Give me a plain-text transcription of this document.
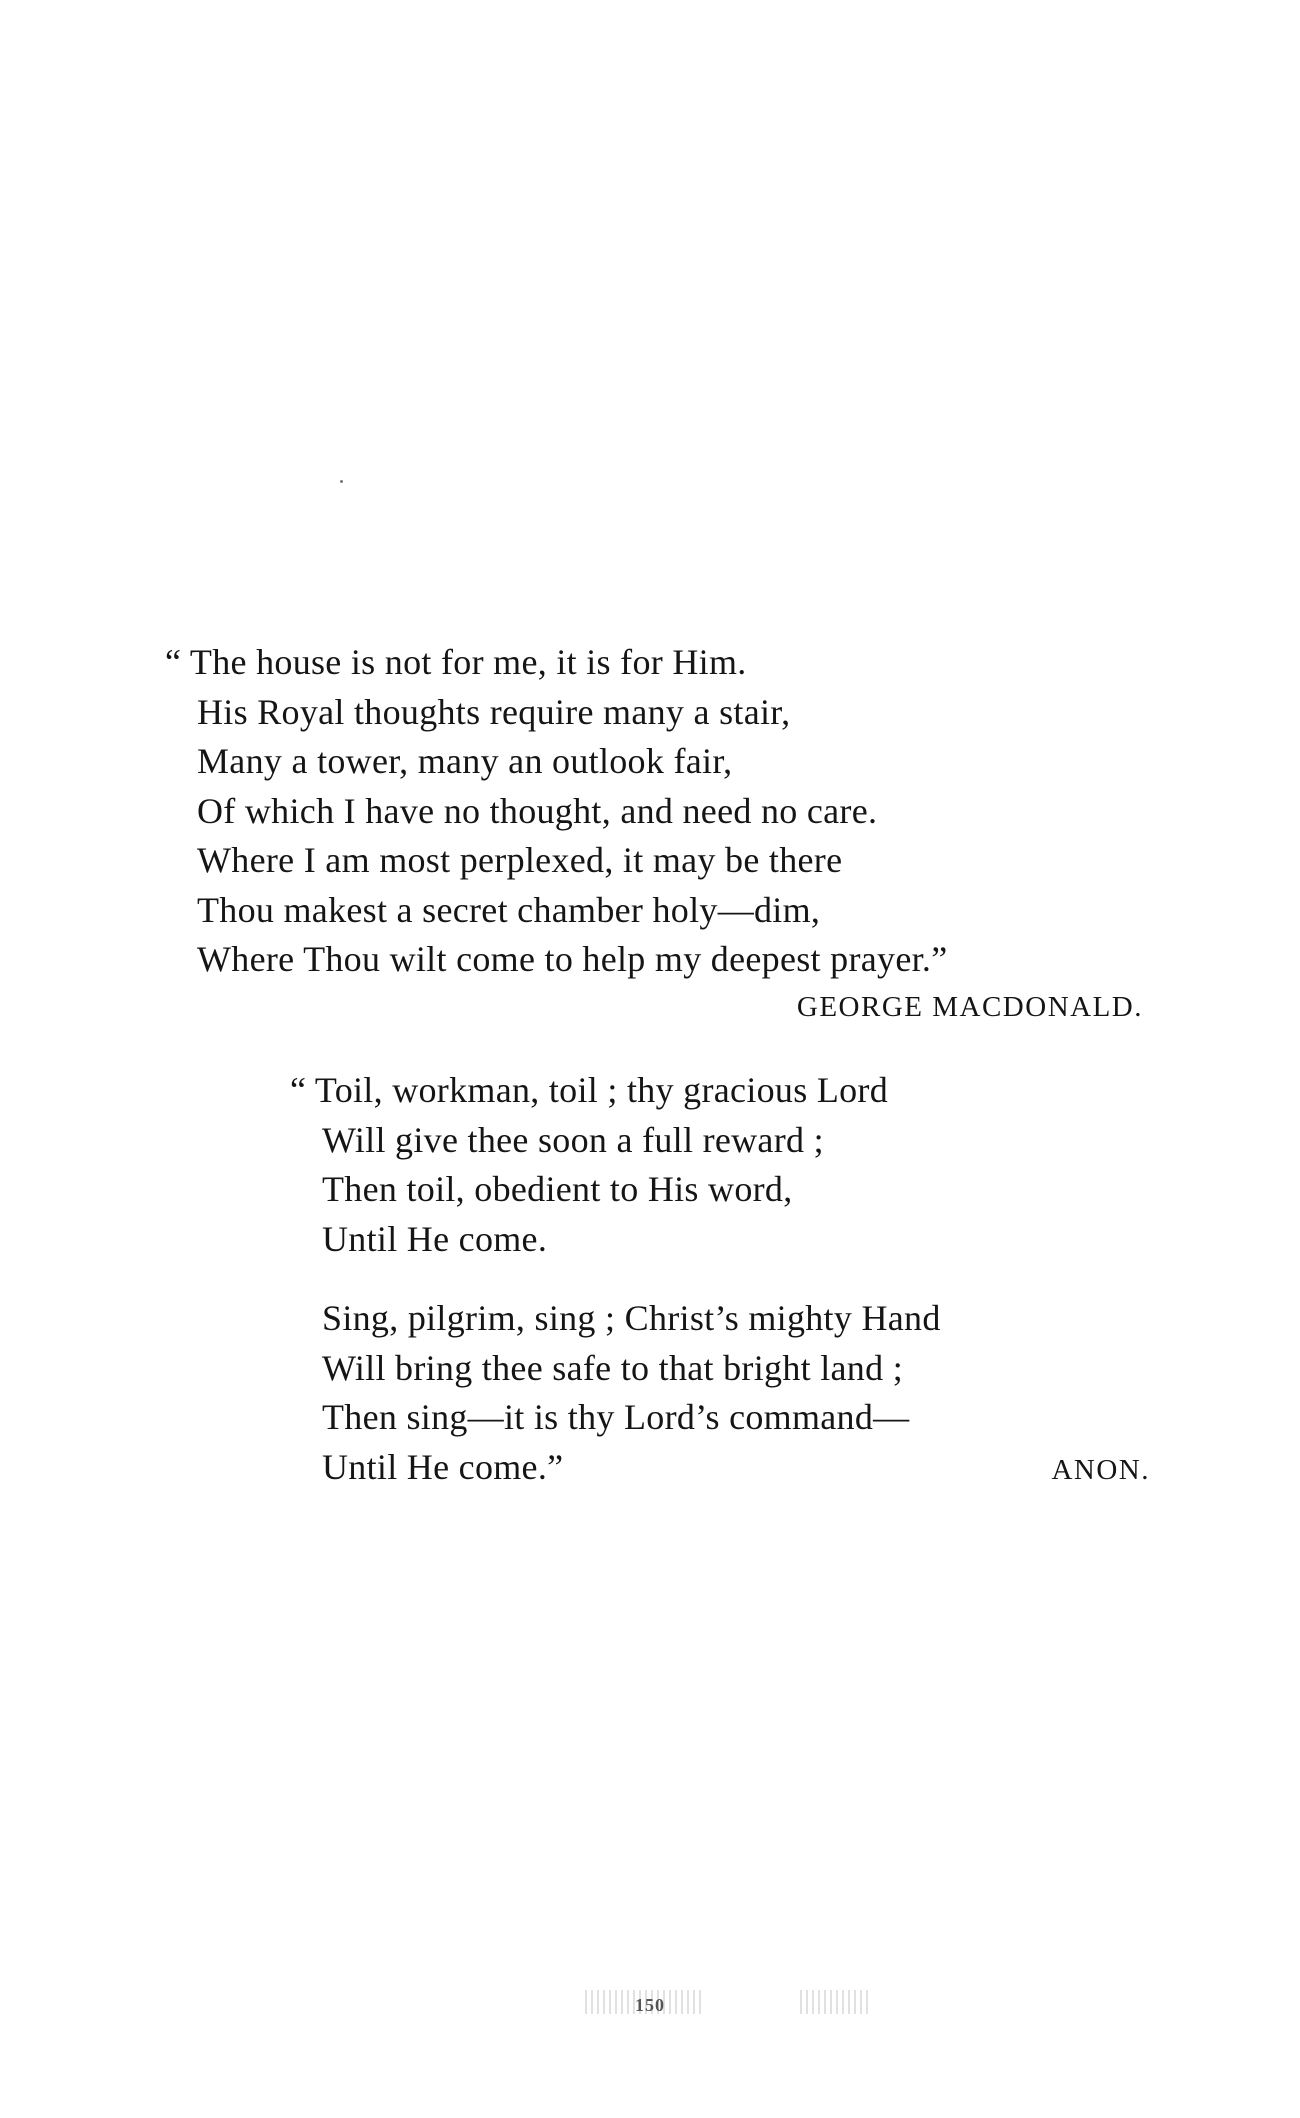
“ The house is not for me, it is for Him.
His Royal thoughts require many a stair,
Many a tower, many an outlook fair,
Of which I have no thought, and need no care.
Where I am most perplexed, it may be there
Thou makest a secret chamber holy—dim,
Where Thou wilt come to help my deepest prayer.”
GEORGE MACDONALD.
“ Toil, workman, toil ; thy gracious Lord
Will give thee soon a full reward ;
Then toil, obedient to His word,
Until He come.
Sing, pilgrim, sing ; Christ’s mighty Hand
Will bring thee safe to that bright land ;
Then sing—it is thy Lord’s command—
Until He come.”	ANON.
150
